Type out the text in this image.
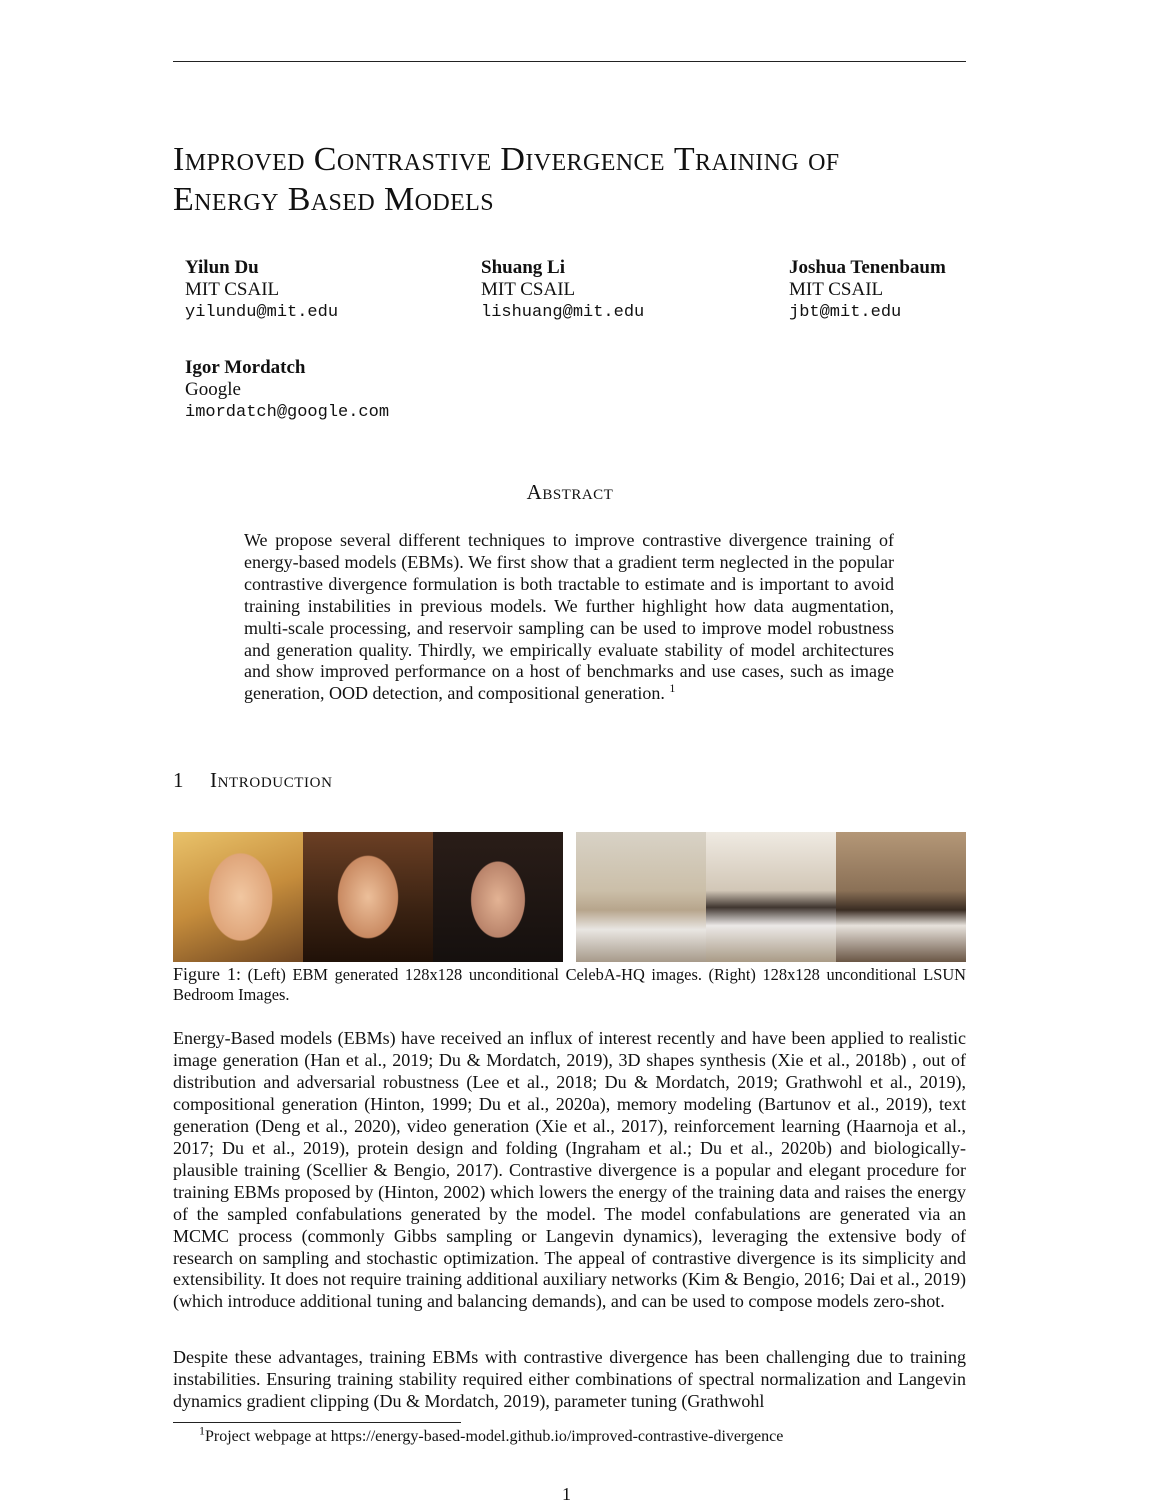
Improved Contrastive Divergence Training of
Energy Based Models
Yilun Du
MIT CSAIL
yilundu@mit.edu
Shuang Li
MIT CSAIL
lishuang@mit.edu
Joshua Tenenbaum
MIT CSAIL
jbt@mit.edu
Igor Mordatch
Google
imordatch@google.com
Abstract

We propose several different techniques to improve contrastive divergence training of energy-based models (EBMs). We first show that a gradient term neglected in the popular contrastive divergence formulation is both tractable to estimate and is important to avoid training instabilities in previous models. We further highlight how data augmentation, multi-scale processing, and reservoir sampling can be used to improve model robustness and generation quality. Thirdly, we empirically evaluate stability of model architectures and show improved performance on a host of benchmarks and use cases, such as image generation, OOD detection, and compositional generation. $^1$

1 Introduction

Figure 1: (Left) EBM generated 128x128 unconditional CelebA-HQ images. (Right) 128x128 unconditional LSUN Bedroom Images.

Energy-Based models (EBMs) have received an influx of interest recently and have been applied to realistic image generation (Han et al., 2019; Du & Mordatch, 2019), 3D shapes synthesis (Xie et al., 2018b) , out of distribution and adversarial robustness (Lee et al., 2018; Du & Mordatch, 2019; Grathwohl et al., 2019), compositional generation (Hinton, 1999; Du et al., 2020a), memory modeling (Bartunov et al., 2019), text generation (Deng et al., 2020), video generation (Xie et al., 2017), reinforcement learning (Haarnoja et al., 2017; Du et al., 2019), protein design and folding (Ingraham et al.; Du et al., 2020b) and biologically-plausible training (Scellier & Bengio, 2017). Contrastive divergence is a popular and elegant procedure for training EBMs proposed by (Hinton, 2002) which lowers the energy of the training data and raises the energy of the sampled confabulations generated by the model. The model confabulations are generated via an MCMC process (commonly Gibbs sampling or Langevin dynamics), leveraging the extensive body of research on sampling and stochastic optimization. The appeal of contrastive divergence is its simplicity and extensibility. It does not require training additional auxiliary networks (Kim & Bengio, 2016; Dai et al., 2019) (which introduce additional tuning and balancing demands), and can be used to compose models zero-shot.

Despite these advantages, training EBMs with contrastive divergence has been challenging due to training instabilities. Ensuring training stability required either combinations of spectral normalization and Langevin dynamics gradient clipping (Du & Mordatch, 2019), parameter tuning (Grathwohl

$^1$Project webpage at https://energy-based-model.github.io/improved-contrastive-divergence

1
